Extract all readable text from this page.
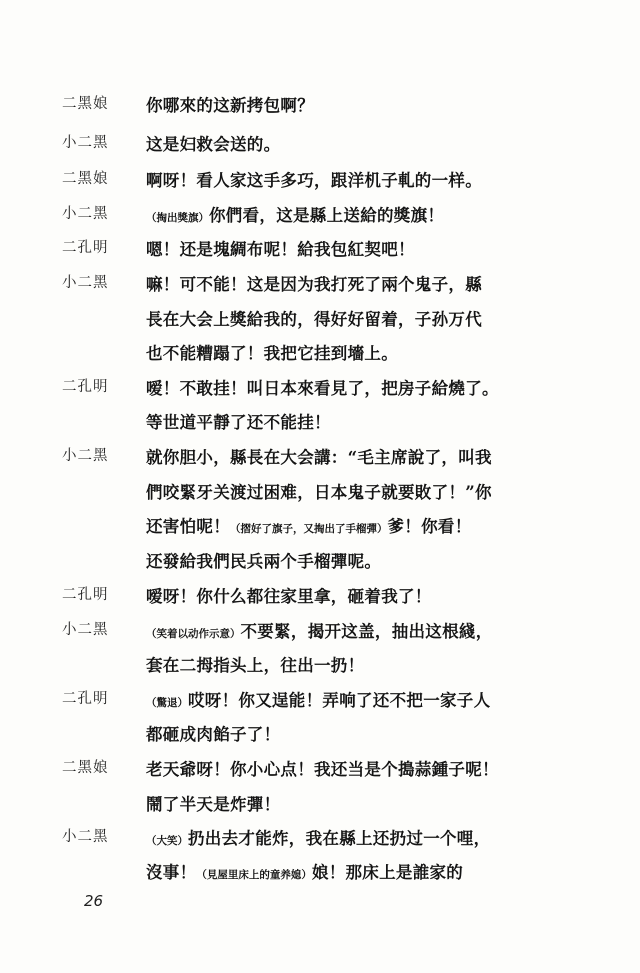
二黑娘	你哪來的这新拷包啊？
小二黑	这是妇救会送的。
二黑娘	啊呀！看人家这手多巧，跟洋机子軋的一样。
小二黑	（掏出獎旗）你們看，这是縣上送給的獎旗！
二孔明	嗯！还是塊綢布呢！給我包紅契吧！
小二黑	嘛！可不能！这是因为我打死了兩个鬼子，縣
長在大会上獎給我的，得好好留着，子孙万代
也不能糟蹋了！我把它挂到墻上。
二孔明	嗳！不敢挂！叫日本來看見了，把房子給燒了。
等世道平靜了还不能挂！
小二黑	就你胆小，縣長在大会講：“毛主席說了，叫我
們咬緊牙关渡过困难，日本鬼子就要敗了！”你
还害怕呢！（摺好了旗子，又掏出了手榴彈）爹！你看！
还發給我們民兵兩个手榴彈呢。
二孔明	嗳呀！你什么都往家里拿，砸着我了！
小二黑	（笑着以动作示意）不要緊，揭开这盖，抽出这根綫，
套在二拇指头上，往出一扔！
二孔明	（驚退）哎呀！你又逞能！弄响了还不把一家子人
都砸成肉餡子了！
二黑娘	老天爺呀！你小心点！我还当是个搗蒜鍾子呢！
鬧了半天是炸彈！
小二黑	（大笑）扔出去才能炸，我在縣上还扔过一个哩，
沒事！（見屋里床上的童养媳）娘！那床上是誰家的
26
